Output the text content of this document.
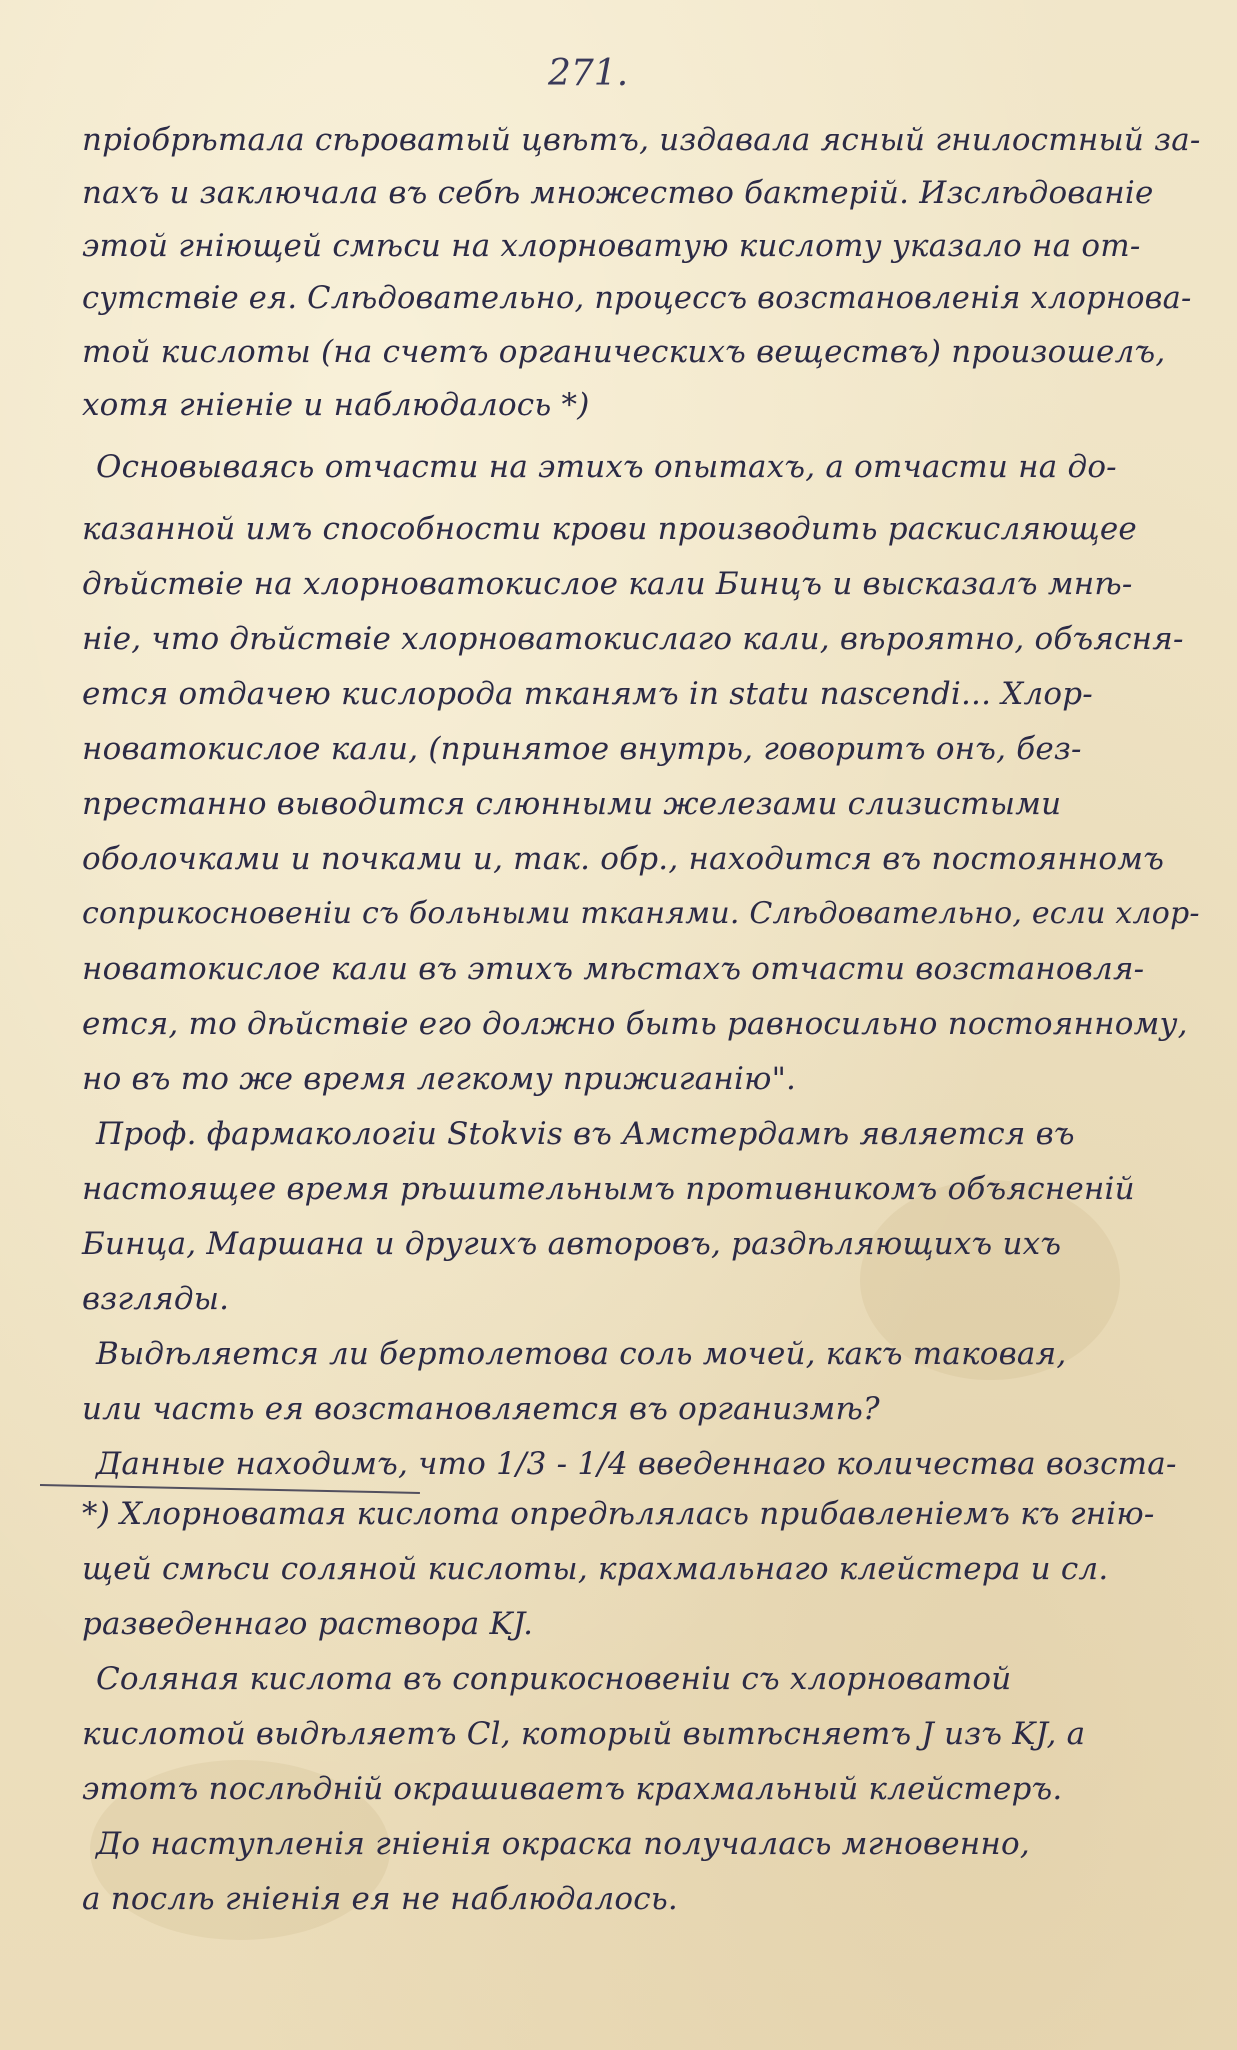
271.
пріобрѣтала сѣроватый цвѣтъ, издавала ясный гнилостный за-
пахъ и заключала въ себѣ множество бактерій. Изслѣдованіе
этой гніющей смѣси на хлорноватую кислоту указало на от-
сутствіе ея. Слѣдовательно, процессъ возстановленія хлорнова-
той кислоты (на счетъ органическихъ веществъ) произошелъ,
хотя гніеніе и наблюдалось *)
Основываясь отчасти на этихъ опытахъ, а отчасти на до-
казанной имъ способности крови производить раскисляющее
дѣйствіе на хлорноватокислое кали Бинцъ и высказалъ мнѣ-
ніе, что дѣйствіе хлорноватокислаго кали, вѣроятно, объясня-
ется отдачею кислорода тканямъ in statu nascendi... Хлор-
новатокислое кали, (принятое внутрь, говоритъ онъ, без-
престанно выводится слюнными железами слизистыми
оболочками и почками и, так. обр., находится въ постоянномъ
соприкосновеніи съ больными тканями. Слѣдовательно, если хлор-
новатокислое кали въ этихъ мѣстахъ отчасти возстановля-
ется, то дѣйствіе его должно быть равносильно постоянному,
но въ то же время легкому прижиганію".
Проф. фармакологіи Stokvis въ Амстердамѣ является въ
настоящее время рѣшительнымъ противникомъ объясненій
Бинца, Маршана и другихъ авторовъ, раздѣляющихъ ихъ
взгляды.
Выдѣляется ли бертолетова соль мочей, какъ таковая,
или часть ея возстановляется въ организмѣ?
Данные находимъ, что 1/3 - 1/4 введеннаго количества возста-
*) Хлорноватая кислота опредѣлялась прибавленіемъ къ гнію-
щей смѣси соляной кислоты, крахмальнаго клейстера и сл.
разведеннаго раствора KJ.
Соляная кислота въ соприкосновеніи съ хлорноватой
кислотой выдѣляетъ Cl, который вытѣсняетъ J изъ KJ, а
этотъ послѣдній окрашиваетъ крахмальный клейстеръ.
До наступленія гніенія окраска получалась мгновенно,
а послѣ гніенія ея не наблюдалось.
